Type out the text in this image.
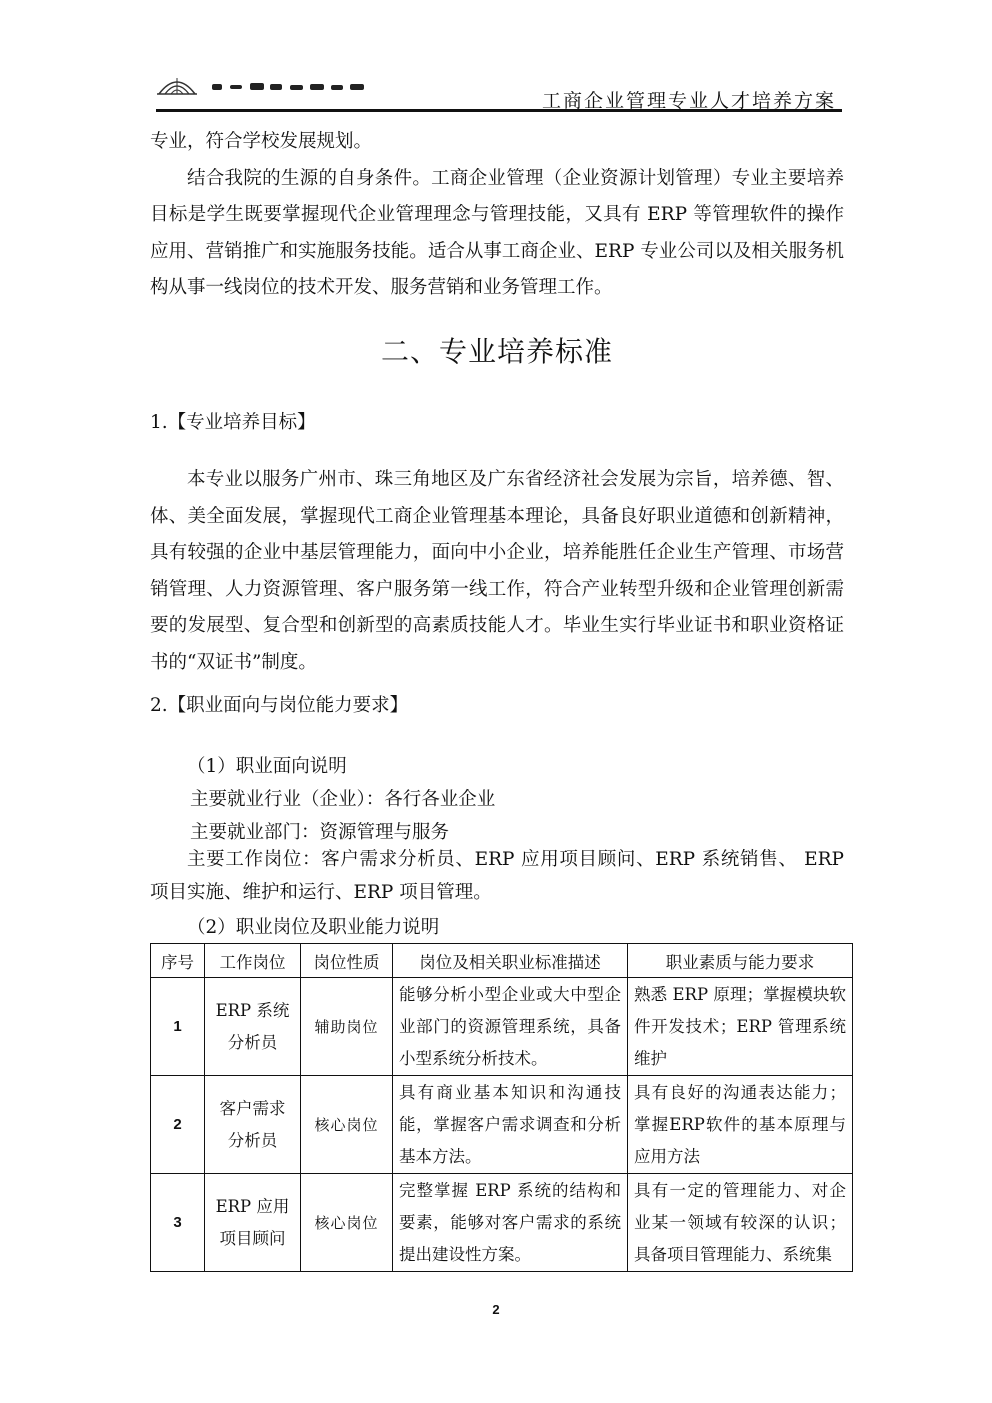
工商企业管理专业人才培养方案

专业，符合学校发展规划。

结合我院的生源的自身条件。工商企业管理（企业资源计划管理）专业主要培养目标是学生既要掌握现代企业管理理念与管理技能，又具有 ERP 等管理软件的操作应用、营销推广和实施服务技能。适合从事工商企业、ERP 专业公司以及相关服务机构从事一线岗位的技术开发、服务营销和业务管理工作。

二、专业培养标准
1.【专业培养目标】

本专业以服务广州市、珠三角地区及广东省经济社会发展为宗旨，培养德、智、体、美全面发展，掌握现代工商企业管理基本理论，具备良好职业道德和创新精神，具有较强的企业中基层管理能力，面向中小企业，培养能胜任企业生产管理、市场营销管理、人力资源管理、客户服务第一线工作，符合产业转型升级和企业管理创新需要的发展型、复合型和创新型的高素质技能人才。毕业生实行毕业证书和职业资格证书的“双证书”制度。

2.【职业面向与岗位能力要求】
（1）职业面向说明
主要就业行业（企业）：各行各业企业
主要就业部门：资源管理与服务

主要工作岗位：客户需求分析员、ERP 应用项目顾问、ERP 系统销售、 ERP 项目实施、维护和运行、ERP 项目管理。

（2）职业岗位及职业能力说明
序号	工作岗位	岗位性质	岗位及相关职业标准描述	职业素质与能力要求
1	ERP 系统
分析员	辅助岗位	能够分析小型企业或大中型企业部门的资源管理系统，具备小型系统分析技术。	熟悉 ERP 原理；掌握模块软件开发技术；ERP 管理系统维护
2	客户需求
分析员	核心岗位	具有商业基本知识和沟通技能，掌握客户需求调查和分析基本方法。	具有良好的沟通表达能力；掌握ERP软件的基本原理与应用方法
3	ERP 应用
项目顾问	核心岗位	完整掌握 ERP 系统的结构和要素，能够对客户需求的系统提出建设性方案。	具有一定的管理能力、对企业某一领域有较深的认识；具备项目管理能力、系统集
2
